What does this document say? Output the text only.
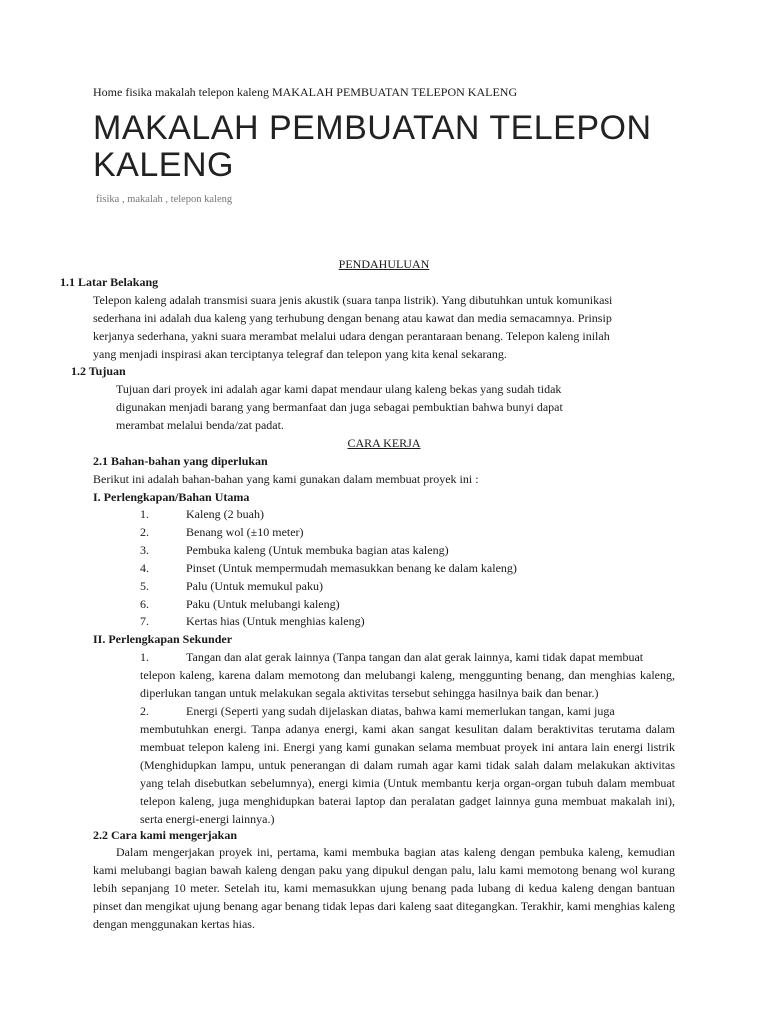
Home fisika makalah telepon kaleng MAKALAH PEMBUATAN TELEPON KALENG
MAKALAH PEMBUATAN TELEPON
KALENG
fisika , makalah , telepon kaleng
PENDAHULUAN
1.1 Latar Belakang
Telepon kaleng adalah transmisi suara jenis akustik (suara tanpa listrik). Yang dibutuhkan untuk komunikasi
sederhana ini adalah dua kaleng yang terhubung dengan benang atau kawat dan media semacamnya. Prinsip
kerjanya sederhana, yakni suara merambat melalui udara dengan perantaraan benang. Telepon kaleng inilah
yang menjadi inspirasi akan terciptanya telegraf dan telepon yang kita kenal sekarang.
1.2 Tujuan
Tujuan dari proyek ini adalah agar kami dapat mendaur ulang kaleng bekas yang sudah tidak
digunakan menjadi barang yang bermanfaat dan juga sebagai pembuktian bahwa bunyi dapat
merambat melalui benda/zat padat.
CARA KERJA
2.1 Bahan-bahan yang diperlukan
Berikut ini adalah bahan-bahan yang kami gunakan dalam membuat proyek ini :
I. Perlengkapan/Bahan Utama
1.	Kaleng (2 buah)
2.	Benang wol (±10 meter)
3.	Pembuka kaleng (Untuk membuka bagian atas kaleng)
4.	Pinset (Untuk mempermudah memasukkan benang ke dalam kaleng)
5.	Palu (Untuk memukul paku)
6.	Paku (Untuk melubangi kaleng)
7.	Kertas hias (Untuk menghias kaleng)
II. Perlengkapan Sekunder
1.	Tangan dan alat gerak lainnya (Tanpa tangan dan alat gerak lainnya, kami tidak dapat membuat
telepon kaleng, karena dalam memotong dan melubangi kaleng, menggunting benang, dan menghias kaleng, diperlukan tangan untuk melakukan segala aktivitas tersebut sehingga hasilnya baik dan benar.)
2.	Energi (Seperti yang sudah dijelaskan diatas, bahwa kami memerlukan tangan, kami juga
membutuhkan energi. Tanpa adanya energi, kami akan sangat kesulitan dalam beraktivitas terutama dalam membuat telepon kaleng ini. Energi yang kami gunakan selama membuat proyek ini antara lain energi listrik (Menghidupkan lampu, untuk penerangan di dalam rumah agar kami tidak salah dalam melakukan aktivitas yang telah disebutkan sebelumnya), energi kimia (Untuk membantu kerja organ-organ tubuh dalam membuat telepon kaleng, juga menghidupkan baterai laptop dan peralatan gadget lainnya guna membuat makalah ini), serta energi-energi lainnya.)
2.2 Cara kami mengerjakan
Dalam mengerjakan proyek ini, pertama, kami membuka bagian atas kaleng dengan pembuka kaleng, kemudian kami melubangi bagian bawah kaleng dengan paku yang dipukul dengan palu, lalu kami memotong benang wol kurang lebih sepanjang 10 meter. Setelah itu, kami memasukkan ujung benang pada lubang di kedua kaleng dengan bantuan pinset dan mengikat ujung benang agar benang tidak lepas dari kaleng saat ditegangkan. Terakhir, kami menghias kaleng dengan menggunakan kertas hias.
